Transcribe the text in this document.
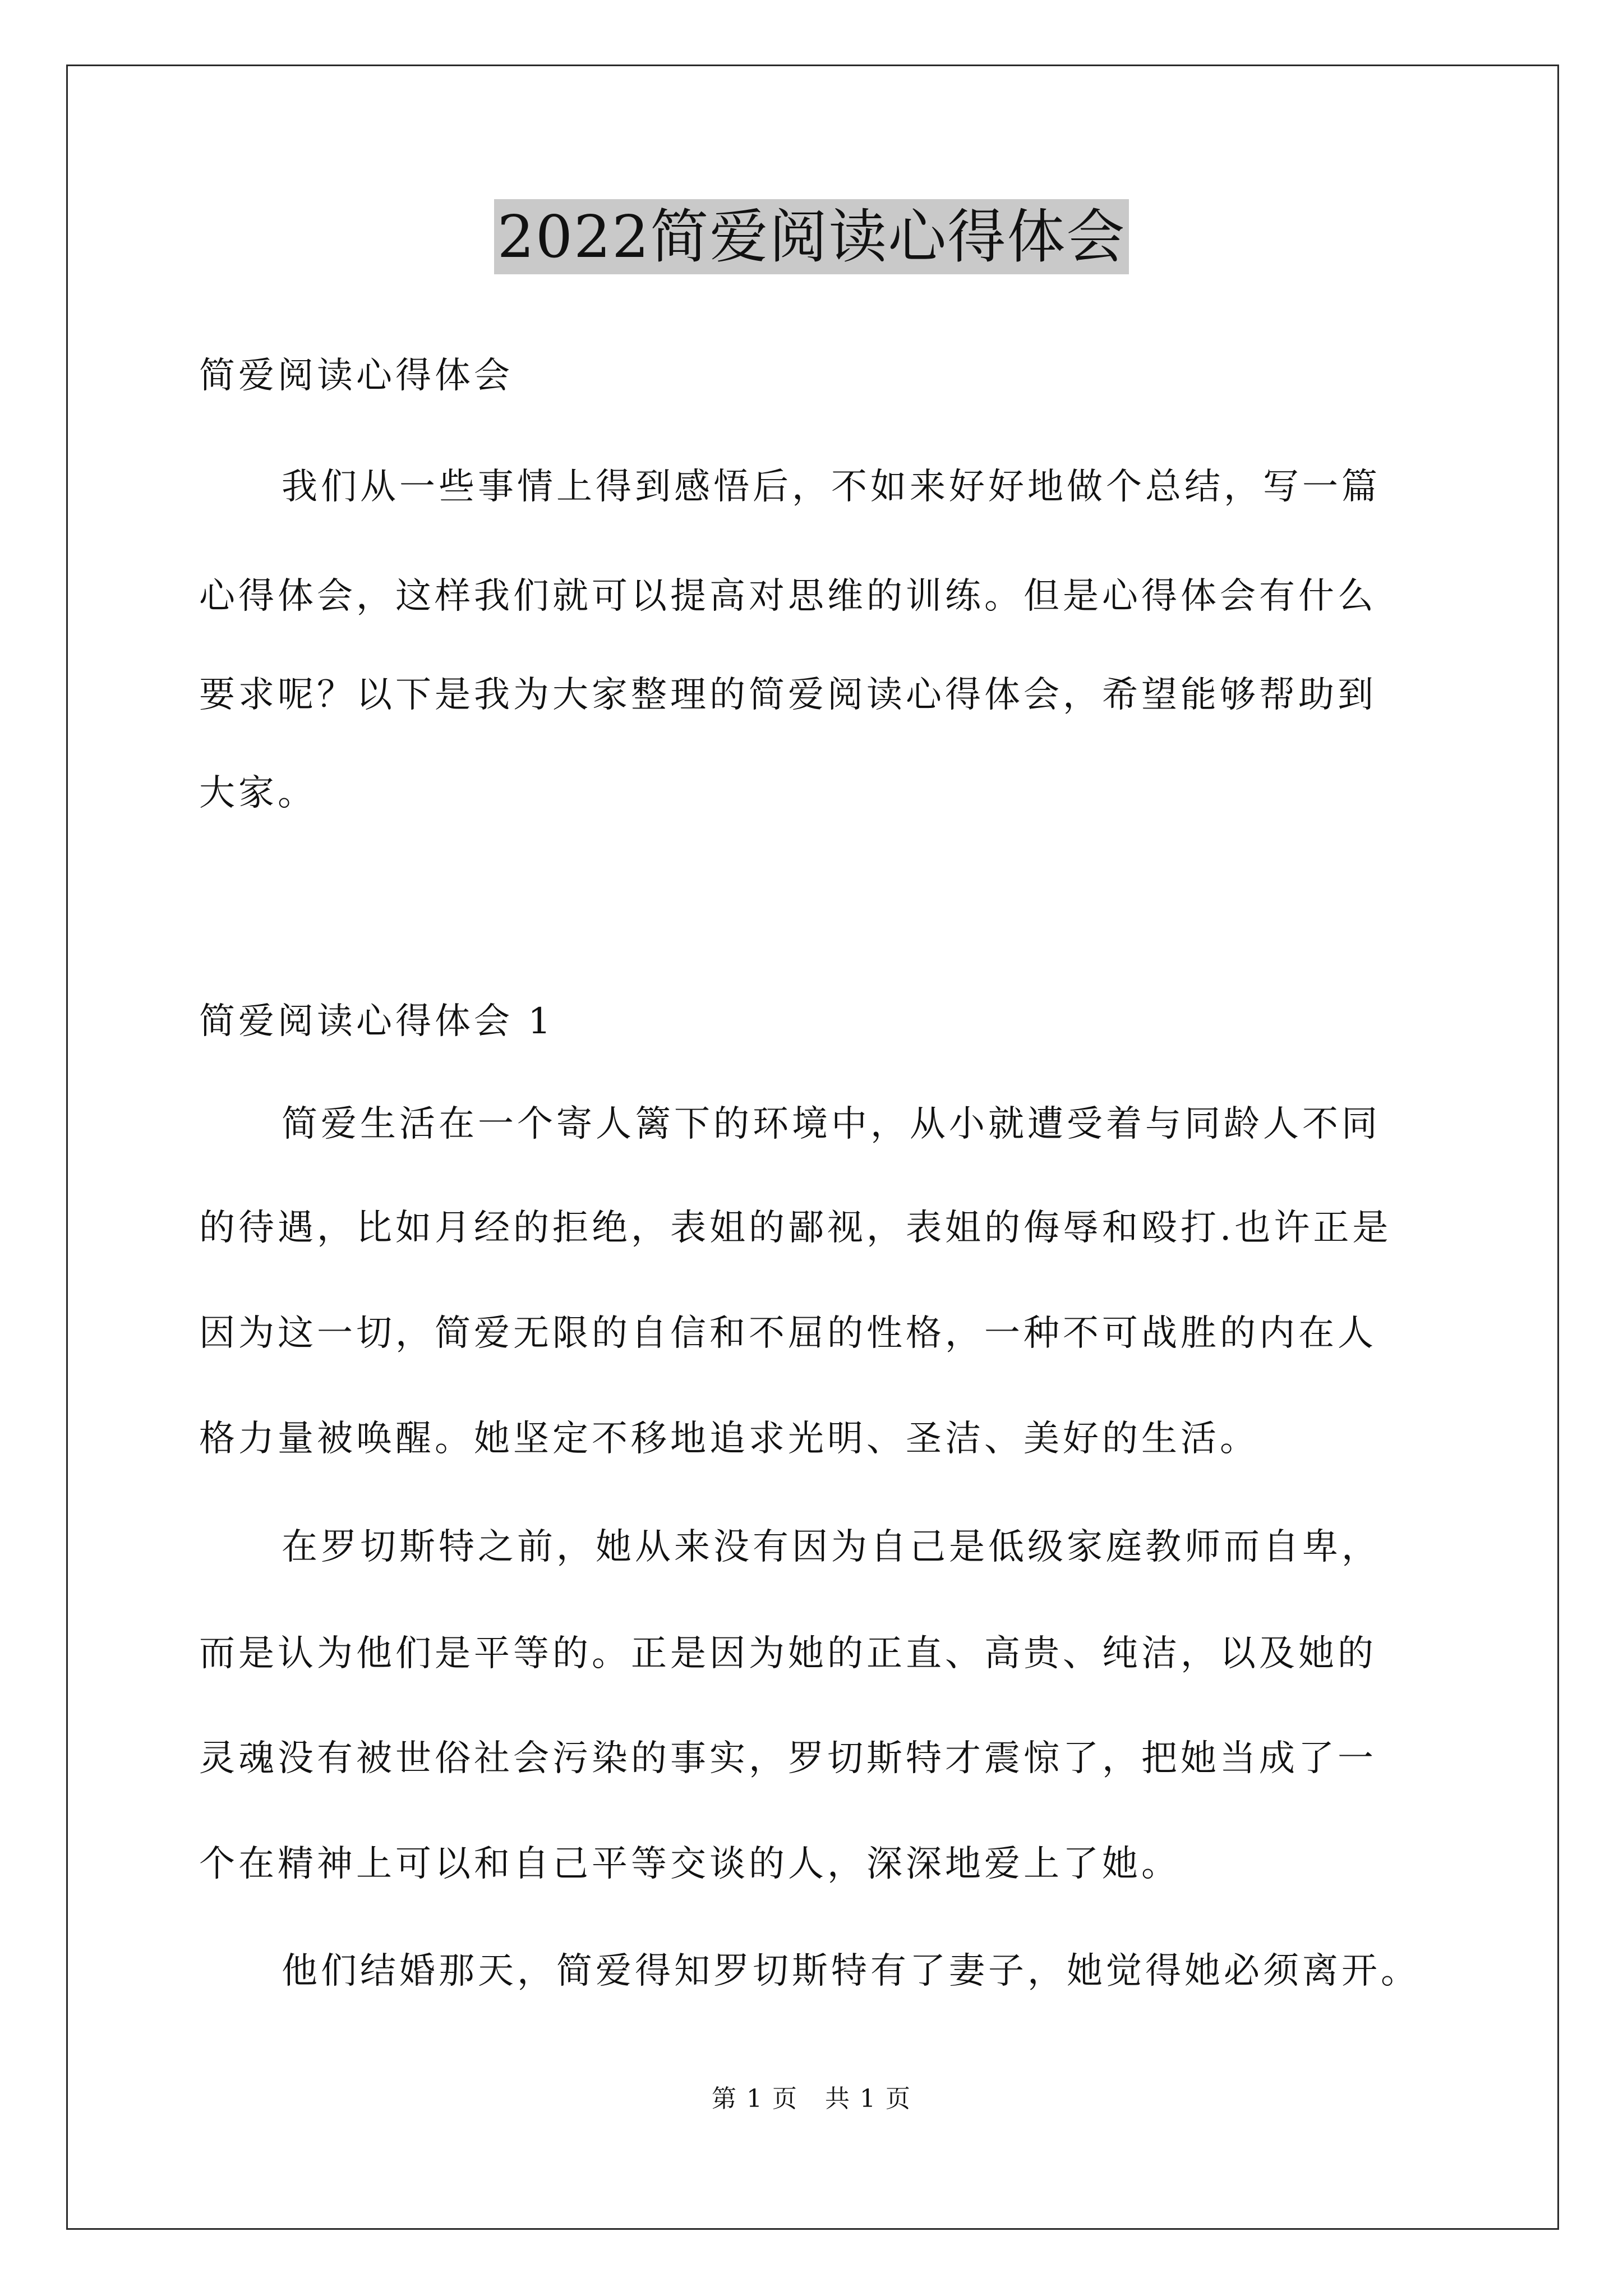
2022简爱阅读心得体会

简爱阅读心得体会

我们从一些事情上得到感悟后，不如来好好地做个总结，写一篇

心得体会，这样我们就可以提高对思维的训练。但是心得体会有什么

要求呢？以下是我为大家整理的简爱阅读心得体会，希望能够帮助到

大家。

简爱阅读心得体会 1

简爱生活在一个寄人篱下的环境中，从小就遭受着与同龄人不同

的待遇，比如月经的拒绝，表姐的鄙视，表姐的侮辱和殴打.也许正是

因为这一切，简爱无限的自信和不屈的性格，一种不可战胜的内在人

格力量被唤醒。她坚定不移地追求光明、圣洁、美好的生活。

在罗切斯特之前，她从来没有因为自己是低级家庭教师而自卑，

而是认为他们是平等的。正是因为她的正直、高贵、纯洁，以及她的

灵魂没有被世俗社会污染的事实，罗切斯特才震惊了，把她当成了一

个在精神上可以和自己平等交谈的人，深深地爱上了她。

他们结婚那天，简爱得知罗切斯特有了妻子，她觉得她必须离开。

第 1 页   共 1 页
